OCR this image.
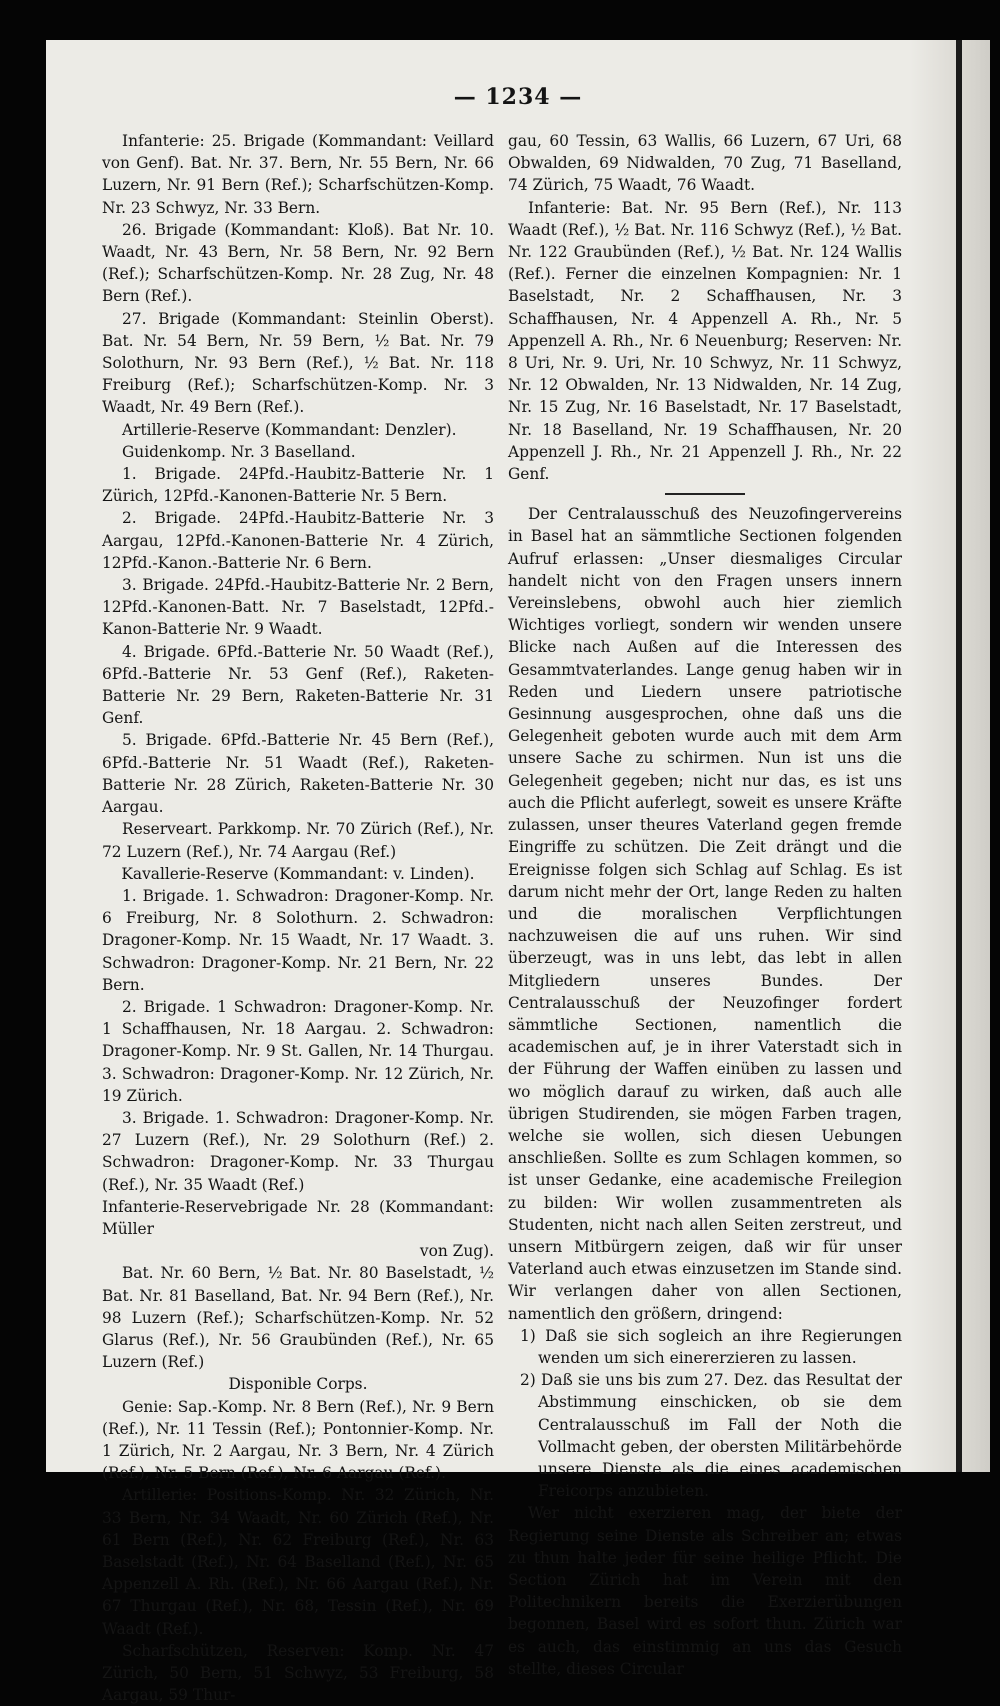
— 1234 —

Infanterie: 25. Brigade (Kommandant: Veillard von Genf). Bat. Nr. 37. Bern, Nr. 55 Bern, Nr. 66 Luzern, Nr. 91 Bern (Ref.); Scharfschützen-Komp. Nr. 23 Schwyz, Nr. 33 Bern.

26. Brigade (Kommandant: Kloß). Bat Nr. 10. Waadt, Nr. 43 Bern, Nr. 58 Bern, Nr. 92 Bern (Ref.); Scharfschützen-Komp. Nr. 28 Zug, Nr. 48 Bern (Ref.).

27. Brigade (Kommandant: Steinlin Oberst). Bat. Nr. 54 Bern, Nr. 59 Bern, ½ Bat. Nr. 79 Solothurn, Nr. 93 Bern (Ref.), ½ Bat. Nr. 118 Freiburg (Ref.); Scharfschützen-Komp. Nr. 3 Waadt, Nr. 49 Bern (Ref.).

Artillerie-Reserve (Kommandant: Denzler).

Guidenkomp. Nr. 3 Baselland.

1. Brigade. 24Pfd.-Haubitz-Batterie Nr. 1 Zürich, 12Pfd.-Kanonen-Batterie Nr. 5 Bern.

2. Brigade. 24Pfd.-Haubitz-Batterie Nr. 3 Aargau, 12Pfd.-Kanonen-Batterie Nr. 4 Zürich, 12Pfd.-Kanon.-Batterie Nr. 6 Bern.

3. Brigade. 24Pfd.-Haubitz-Batterie Nr. 2 Bern, 12Pfd.-Kanonen-Batt. Nr. 7 Baselstadt, 12Pfd.-Kanon-Batterie Nr. 9 Waadt.

4. Brigade. 6Pfd.-Batterie Nr. 50 Waadt (Ref.), 6Pfd.-Batterie Nr. 53 Genf (Ref.), Raketen-Batterie Nr. 29 Bern, Raketen-Batterie Nr. 31 Genf.

5. Brigade. 6Pfd.-Batterie Nr. 45 Bern (Ref.), 6Pfd.-Batterie Nr. 51 Waadt (Ref.), Raketen-Batterie Nr. 28 Zürich, Raketen-Batterie Nr. 30 Aargau.

Reserveart. Parkkomp. Nr. 70 Zürich (Ref.), Nr. 72 Luzern (Ref.), Nr. 74 Aargau (Ref.)

Kavallerie-Reserve (Kommandant: v. Linden).

1. Brigade. 1. Schwadron: Dragoner-Komp. Nr. 6 Freiburg, Nr. 8 Solothurn. 2. Schwadron: Dragoner-Komp. Nr. 15 Waadt, Nr. 17 Waadt. 3. Schwadron: Dragoner-Komp. Nr. 21 Bern, Nr. 22 Bern.

2. Brigade. 1 Schwadron: Dragoner-Komp. Nr. 1 Schaffhausen, Nr. 18 Aargau. 2. Schwadron: Dragoner-Komp. Nr. 9 St. Gallen, Nr. 14 Thurgau. 3. Schwadron: Dragoner-Komp. Nr. 12 Zürich, Nr. 19 Zürich.

3. Brigade. 1. Schwadron: Dragoner-Komp. Nr. 27 Luzern (Ref.), Nr. 29 Solothurn (Ref.) 2. Schwadron: Dragoner-Komp. Nr. 33 Thurgau (Ref.), Nr. 35 Waadt (Ref.)

Infanterie-Reservebrigade Nr. 28 (Kommandant: Müller

von Zug).

Bat. Nr. 60 Bern, ½ Bat. Nr. 80 Baselstadt, ½ Bat. Nr. 81 Baselland, Bat. Nr. 94 Bern (Ref.), Nr. 98 Luzern (Ref.); Scharfschützen-Komp. Nr. 52 Glarus (Ref.), Nr. 56 Graubünden (Ref.), Nr. 65 Luzern (Ref.)

Disponible Corps.

Genie: Sap.-Komp. Nr. 8 Bern (Ref.), Nr. 9 Bern (Ref.), Nr. 11 Tessin (Ref.); Pontonnier-Komp. Nr. 1 Zürich, Nr. 2 Aargau, Nr. 3 Bern, Nr. 4 Zürich (Ref.), Nr. 5 Bern (Ref.), Nr. 6 Aargau (Ref.).

Artillerie: Positions-Komp. Nr. 32 Zürich, Nr. 33 Bern, Nr. 34 Waadt, Nr. 60 Zürich (Ref.), Nr. 61 Bern (Ref.), Nr. 62 Freiburg (Ref.), Nr. 63 Baselstadt (Ref.), Nr. 64 Baselland (Ref.), Nr. 65 Appenzell A. Rh. (Ref.), Nr. 66 Aargau (Ref.), Nr. 67 Thurgau (Ref.), Nr. 68, Tessin (Ref.), Nr. 69 Waadt (Ref.).

Scharfschützen, Reserven: Komp. Nr. 47 Zürich, 50 Bern, 51 Schwyz, 53 Freiburg, 58 Aargau, 59 Thur-

gau, 60 Tessin, 63 Wallis, 66 Luzern, 67 Uri, 68 Obwalden, 69 Nidwalden, 70 Zug, 71 Baselland, 74 Zürich, 75 Waadt, 76 Waadt.

Infanterie: Bat. Nr. 95 Bern (Ref.), Nr. 113 Waadt (Ref.), ½ Bat. Nr. 116 Schwyz (Ref.), ½ Bat. Nr. 122 Graubünden (Ref.), ½ Bat. Nr. 124 Wallis (Ref.). Ferner die einzelnen Kompagnien: Nr. 1 Baselstadt, Nr. 2 Schaffhausen, Nr. 3 Schaffhausen, Nr. 4 Appenzell A. Rh., Nr. 5 Appenzell A. Rh., Nr. 6 Neuenburg; Reserven: Nr. 8 Uri, Nr. 9. Uri, Nr. 10 Schwyz, Nr. 11 Schwyz, Nr. 12 Obwalden, Nr. 13 Nidwalden, Nr. 14 Zug, Nr. 15 Zug, Nr. 16 Baselstadt, Nr. 17 Baselstadt, Nr. 18 Baselland, Nr. 19 Schaffhausen, Nr. 20 Appenzell J. Rh., Nr. 21 Appenzell J. Rh., Nr. 22 Genf.

Der Centralausschuß des Neuzofingervereins in Basel hat an sämmtliche Sectionen folgenden Aufruf erlassen: „Unser diesmaliges Circular handelt nicht von den Fragen unsers innern Vereinslebens, obwohl auch hier ziemlich Wichtiges vorliegt, sondern wir wenden unsere Blicke nach Außen auf die Interessen des Gesammtvaterlandes. Lange genug haben wir in Reden und Liedern unsere patriotische Gesinnung ausgesprochen, ohne daß uns die Gelegenheit geboten wurde auch mit dem Arm unsere Sache zu schirmen. Nun ist uns die Gelegenheit gegeben; nicht nur das, es ist uns auch die Pflicht auferlegt, soweit es unsere Kräfte zulassen, unser theures Vaterland gegen fremde Eingriffe zu schützen. Die Zeit drängt und die Ereignisse folgen sich Schlag auf Schlag. Es ist darum nicht mehr der Ort, lange Reden zu halten und die moralischen Verpflichtungen nachzuweisen die auf uns ruhen. Wir sind überzeugt, was in uns lebt, das lebt in allen Mitgliedern unseres Bundes. Der Centralausschuß der Neuzofinger fordert sämmtliche Sectionen, namentlich die academischen auf, je in ihrer Vaterstadt sich in der Führung der Waffen einüben zu lassen und wo möglich darauf zu wirken, daß auch alle übrigen Studirenden, sie mögen Farben tragen, welche sie wollen, sich diesen Uebungen anschließen. Sollte es zum Schlagen kommen, so ist unser Gedanke, eine academische Freilegion zu bilden: Wir wollen zusammentreten als Studenten, nicht nach allen Seiten zerstreut, und unsern Mitbürgern zeigen, daß wir für unser Vaterland auch etwas einzusetzen im Stande sind. Wir verlangen daher von allen Sectionen, namentlich den größern, dringend:

1) Daß sie sich sogleich an ihre Regierungen wenden um sich einererzieren zu lassen.

2) Daß sie uns bis zum 27. Dez. das Resultat der Abstimmung einschicken, ob sie dem Centralausschuß im Fall der Noth die Vollmacht geben, der obersten Militärbehörde unsere Dienste als die eines academischen Freicorps anzubieten.

Wer nicht exerzieren mag, der biete der Regierung seine Dienste als Schreiber an; etwas zu thun halte jeder für seine heilige Pflicht. Die Section Zürich hat im Verein mit den Politechnikern bereits die Exerzierübungen begonnen, Basel wird es sofort thun. Zürich war es auch, das einstimmig an uns das Gesuch stellte, dieses Circular
